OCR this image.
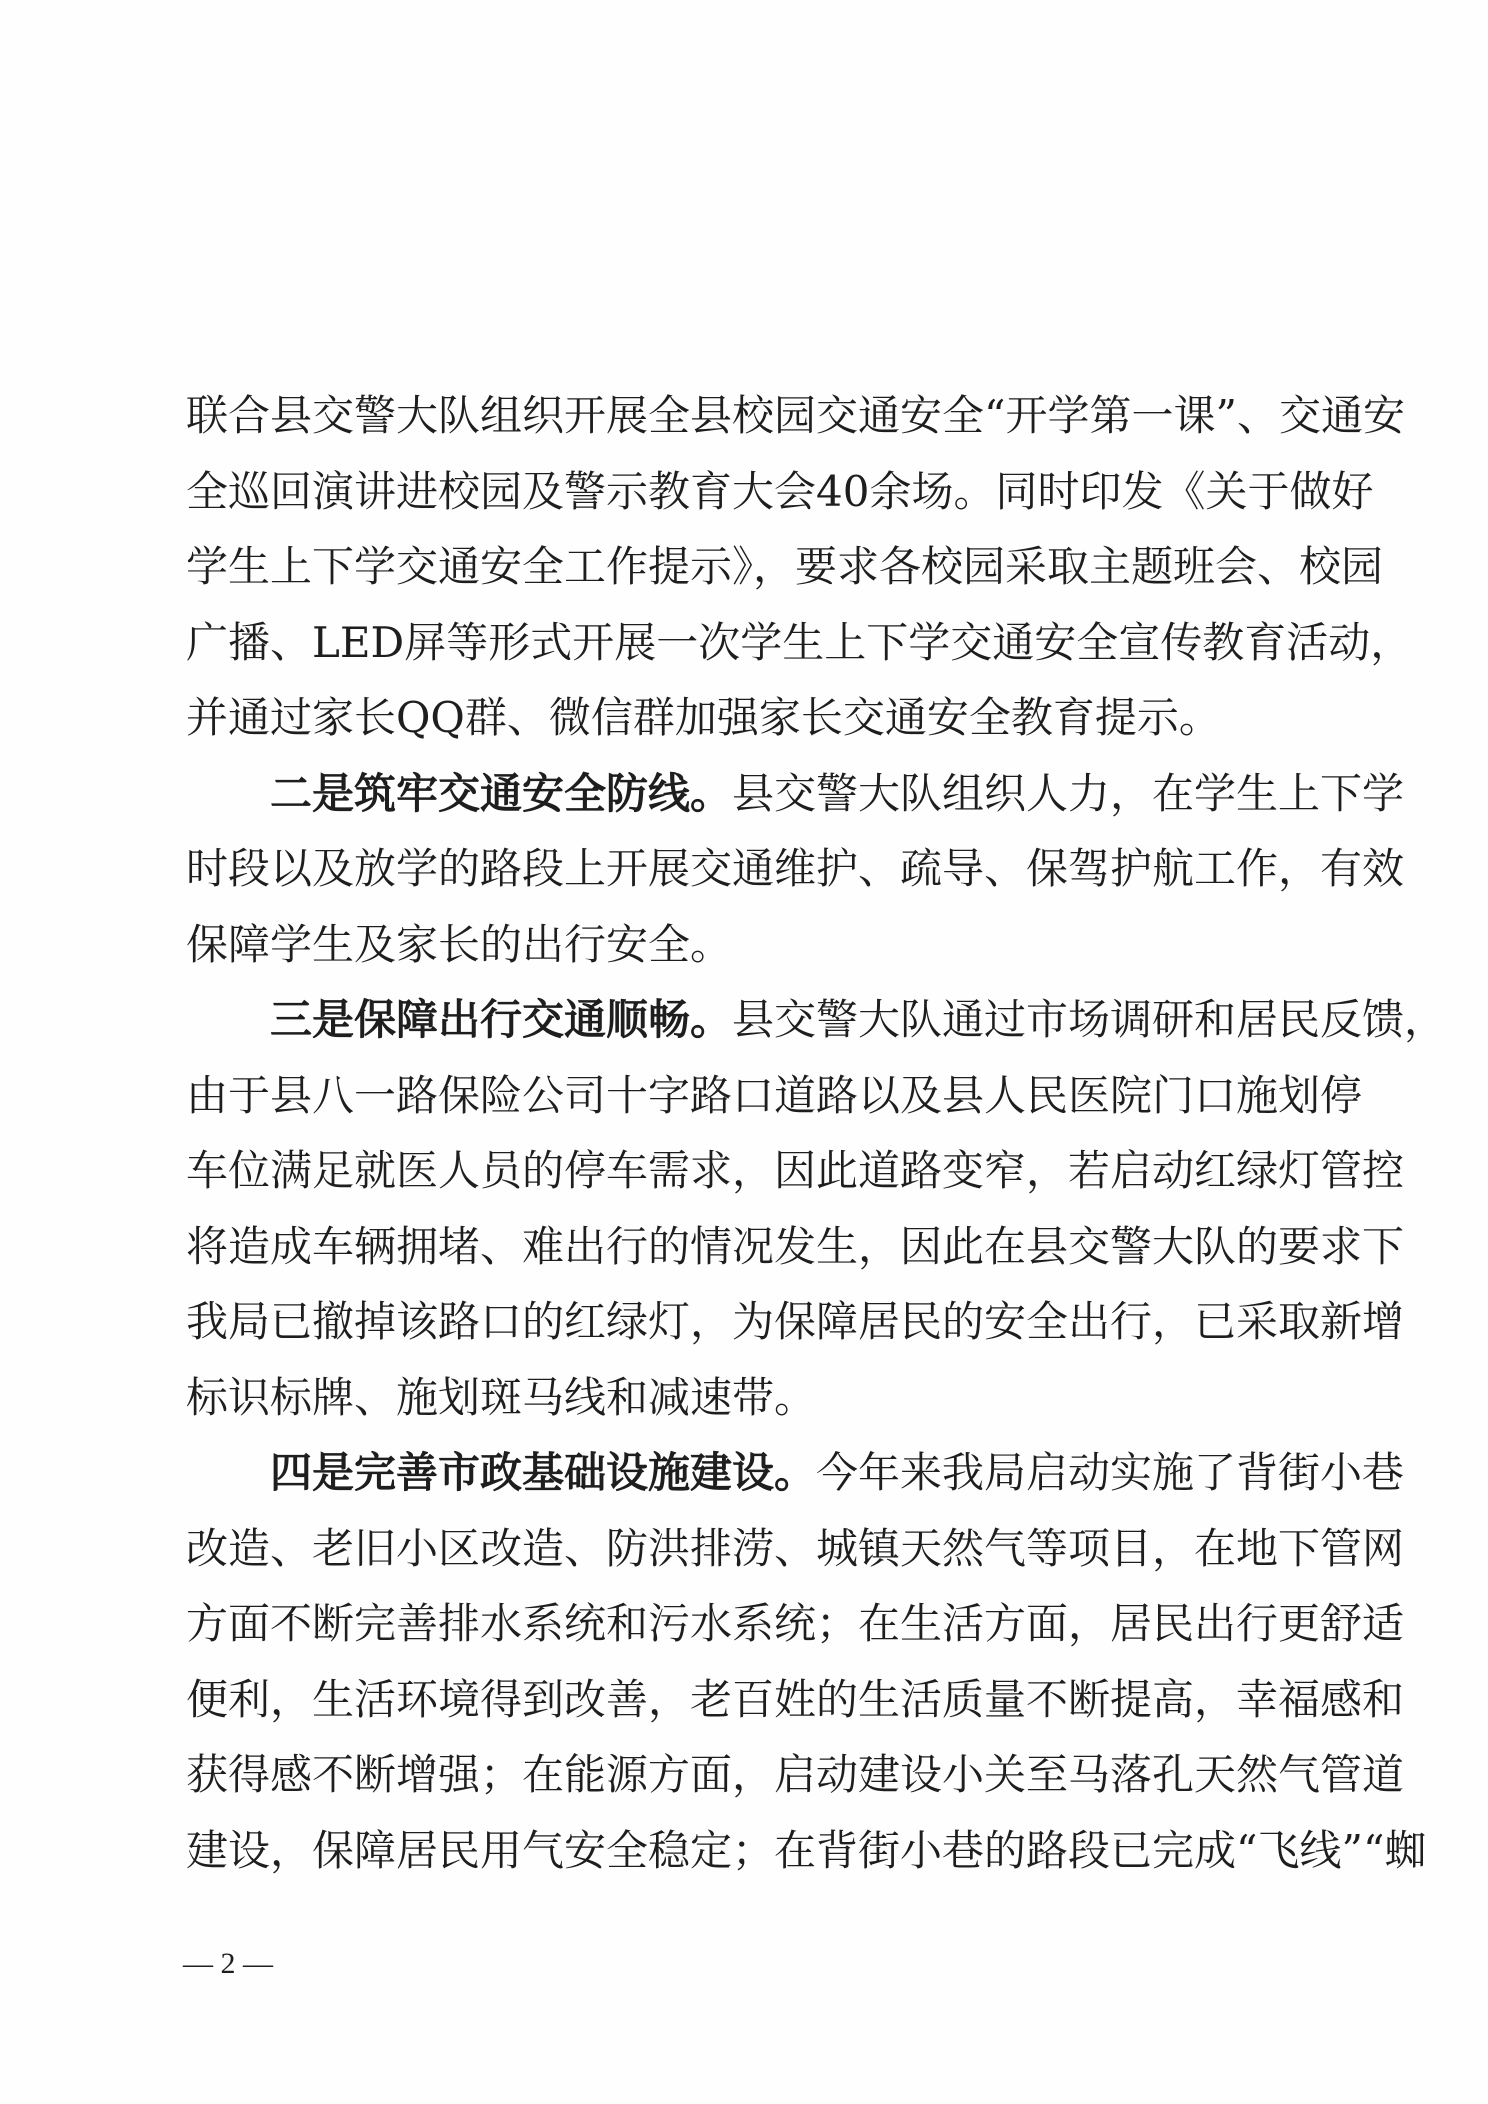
联合县交警大队组织开展全县校园交通安全“开学第一课”、交通安
全巡回演讲进校园及警示教育大会40余场。同时印发《关于做好
学生上下学交通安全工作提示》，要求各校园采取主题班会、校园
广播、LED屏等形式开展一次学生上下学交通安全宣传教育活动，
并通过家长QQ群、微信群加强家长交通安全教育提示。
二是筑牢交通安全防线。县交警大队组织人力，在学生上下学
时段以及放学的路段上开展交通维护、疏导、保驾护航工作，有效
保障学生及家长的出行安全。
三是保障出行交通顺畅。县交警大队通过市场调研和居民反馈，
由于县八一路保险公司十字路口道路以及县人民医院门口施划停
车位满足就医人员的停车需求，因此道路变窄，若启动红绿灯管控
将造成车辆拥堵、难出行的情况发生，因此在县交警大队的要求下
我局已撤掉该路口的红绿灯，为保障居民的安全出行，已采取新增
标识标牌、施划斑马线和减速带。
四是完善市政基础设施建设。今年来我局启动实施了背街小巷
改造、老旧小区改造、防洪排涝、城镇天然气等项目，在地下管网
方面不断完善排水系统和污水系统；在生活方面，居民出行更舒适
便利，生活环境得到改善，老百姓的生活质量不断提高，幸福感和
获得感不断增强；在能源方面，启动建设小关至马落孔天然气管道
建设，保障居民用气安全稳定；在背街小巷的路段已完成“飞线”“蜘
— 2 —
